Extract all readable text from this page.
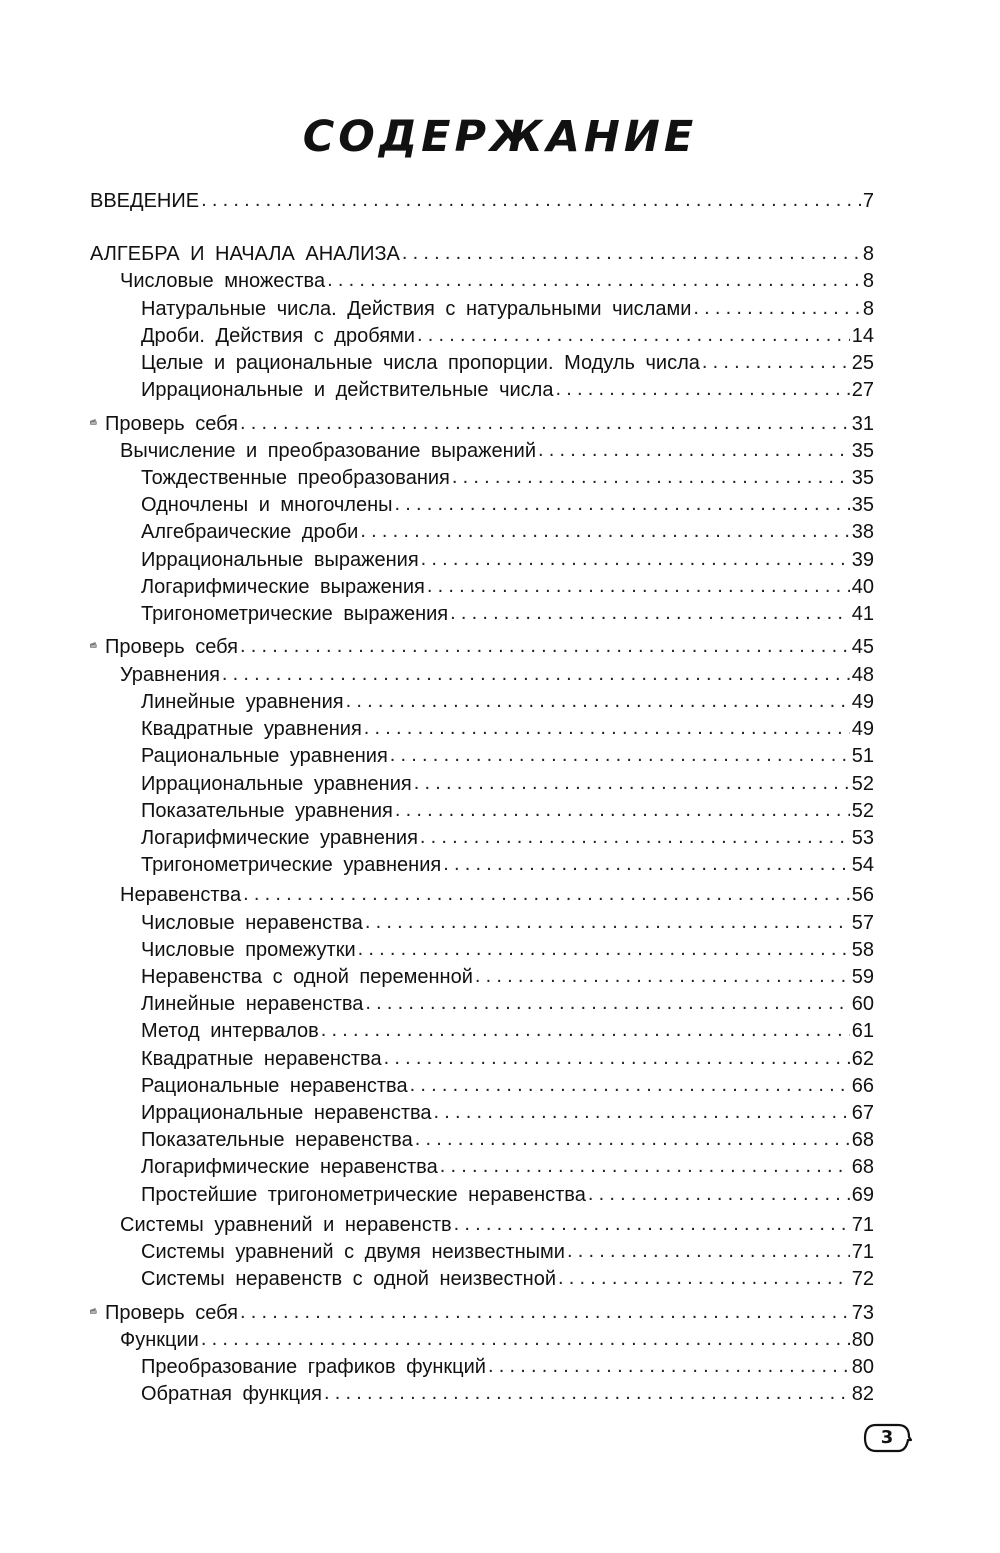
СОДЕРЖАНИЕ
ВВЕДЕНИЕ .....	7
АЛГЕБРА И НАЧАЛА АНАЛИЗА .....	8
Числовые множества .....	8
Натуральные числа. Действия с натуральными числами .....	8
Дроби. Действия с дробями .....	14
Целые и рациональные числа пропорции. Модуль числа .....	25
Иррациональные и действительные числа .....	27
Проверь себя .....	31
Вычисление и преобразование выражений .....	35
Тождественные преобразования .....	35
Одночлены и многочлены .....	35
Алгебраические дроби .....	38
Иррациональные выражения .....	39
Логарифмические выражения .....	40
Тригонометрические выражения .....	41
Проверь себя .....	45
Уравнения .....	48
Линейные уравнения .....	49
Квадратные уравнения .....	49
Рациональные уравнения .....	51
Иррациональные уравнения .....	52
Показательные уравнения .....	52
Логарифмические уравнения .....	53
Тригонометрические уравнения .....	54
Неравенства .....	56
Числовые неравенства .....	57
Числовые промежутки .....	58
Неравенства с одной переменной .....	59
Линейные неравенства .....	60
Метод интервалов .....	61
Квадратные неравенства .....	62
Рациональные неравенства .....	66
Иррациональные неравенства .....	67
Показательные неравенства .....	68
Логарифмические неравенства .....	68
Простейшие тригонометрические неравенства .....	69
Системы уравнений и неравенств .....	71
Системы уравнений с двумя неизвестными .....	71
Системы неравенств с одной неизвестной .....	72
Проверь себя .....	73
Функции .....	80
Преобразование графиков функций .....	80
Обратная функция .....	82
3
